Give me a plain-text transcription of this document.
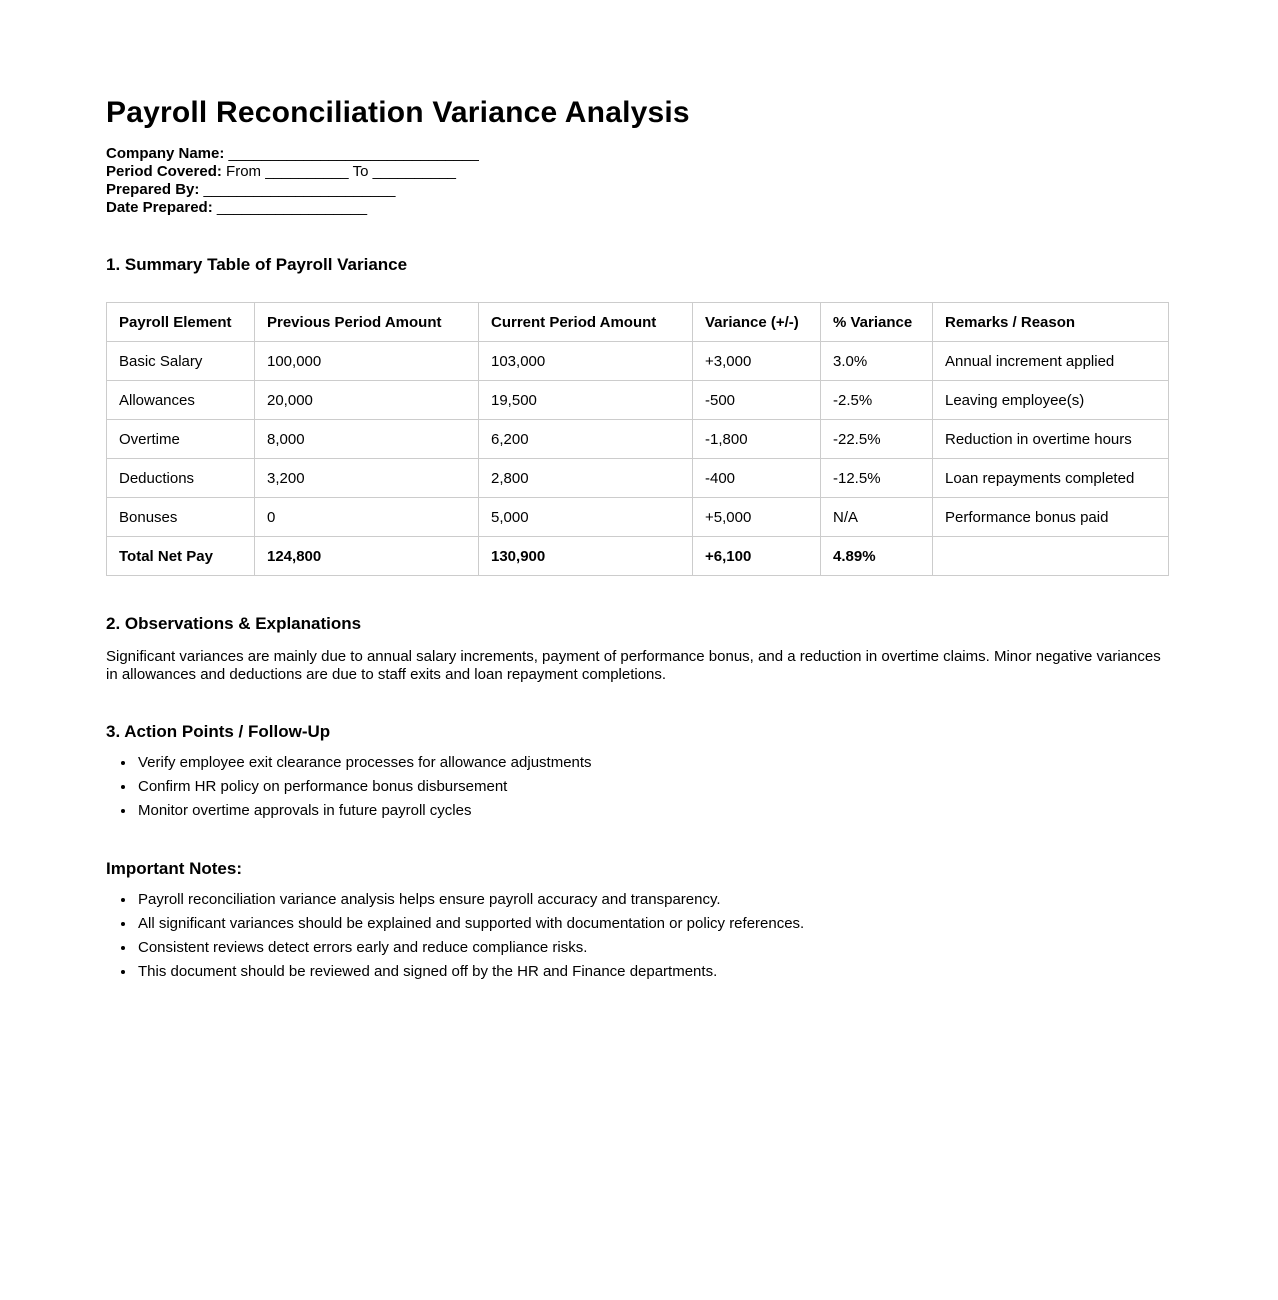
Payroll Reconciliation Variance Analysis
Company Name: ______________________________
Period Covered: From __________ To __________
Prepared By: _______________________
Date Prepared: __________________
1. Summary Table of Payroll Variance
Payroll Element	Previous Period Amount	Current Period Amount	Variance (+/-)	% Variance	Remarks / Reason
Basic Salary	100,000	103,000	+3,000	3.0%	Annual increment applied
Allowances	20,000	19,500	-500	-2.5%	Leaving employee(s)
Overtime	8,000	6,200	-1,800	-22.5%	Reduction in overtime hours
Deductions	3,200	2,800	-400	-12.5%	Loan repayments completed
Bonuses	0	5,000	+5,000	N/A	Performance bonus paid
Total Net Pay	124,800	130,900	+6,100	4.89%	
2. Observations & Explanations

Significant variances are mainly due to annual salary increments, payment of performance bonus, and a reduction in overtime claims. Minor negative variances in allowances and deductions are due to staff exits and loan repayment completions.

3. Action Points / Follow-Up
• Verify employee exit clearance processes for allowance adjustments
• Confirm HR policy on performance bonus disbursement
• Monitor overtime approvals in future payroll cycles
Important Notes:
• Payroll reconciliation variance analysis helps ensure payroll accuracy and transparency.
• All significant variances should be explained and supported with documentation or policy references.
• Consistent reviews detect errors early and reduce compliance risks.
• This document should be reviewed and signed off by the HR and Finance departments.
